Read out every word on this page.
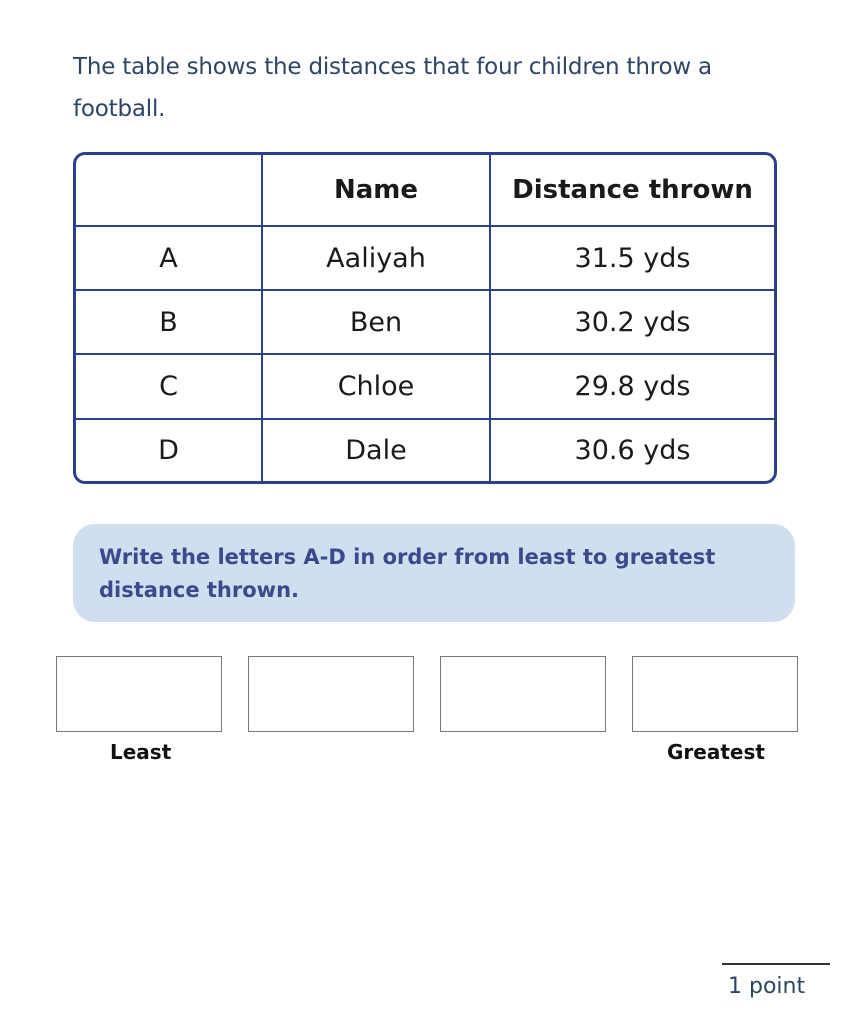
The table shows the distances that four children throw a football.
	Name	Distance thrown
A	Aaliyah	31.5 yds
B	Ben	30.2 yds
C	Chloe	29.8 yds
D	Dale	30.6 yds
Write the letters A-D in order from least to greatest distance thrown.
Least	Greatest
1 point
